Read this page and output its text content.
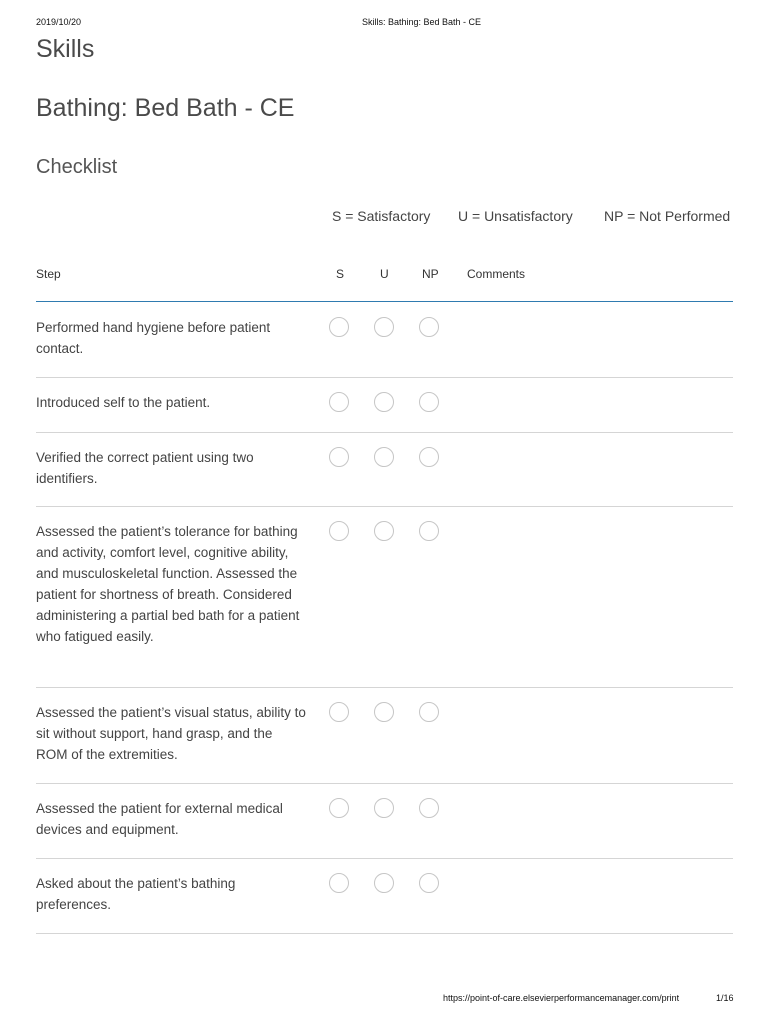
2019/10/20	Skills: Bathing: Bed Bath - CE
Skills
Bathing: Bed Bath - CE
Checklist
S = Satisfactory U = Unsatisfactory NP = Not Performed
Step	S	U	NP Comments
Performed hand hygiene before patient contact.
Introduced self to the patient.
Verified the correct patient using two identifiers.
Assessed the patient’s tolerance for bathing and activity, comfort level, cognitive ability, and musculoskeletal function. Assessed the patient for shortness of breath. Considered administering a partial bed bath for a patient who fatigued easily.
Assessed the patient’s visual status, ability to sit without support, hand grasp, and the ROM of the extremities.
Assessed the patient for external medical devices and equipment.
Asked about the patient’s bathing preferences.
https://point-of-care.elsevierperformancemanager.com/print	1/16
